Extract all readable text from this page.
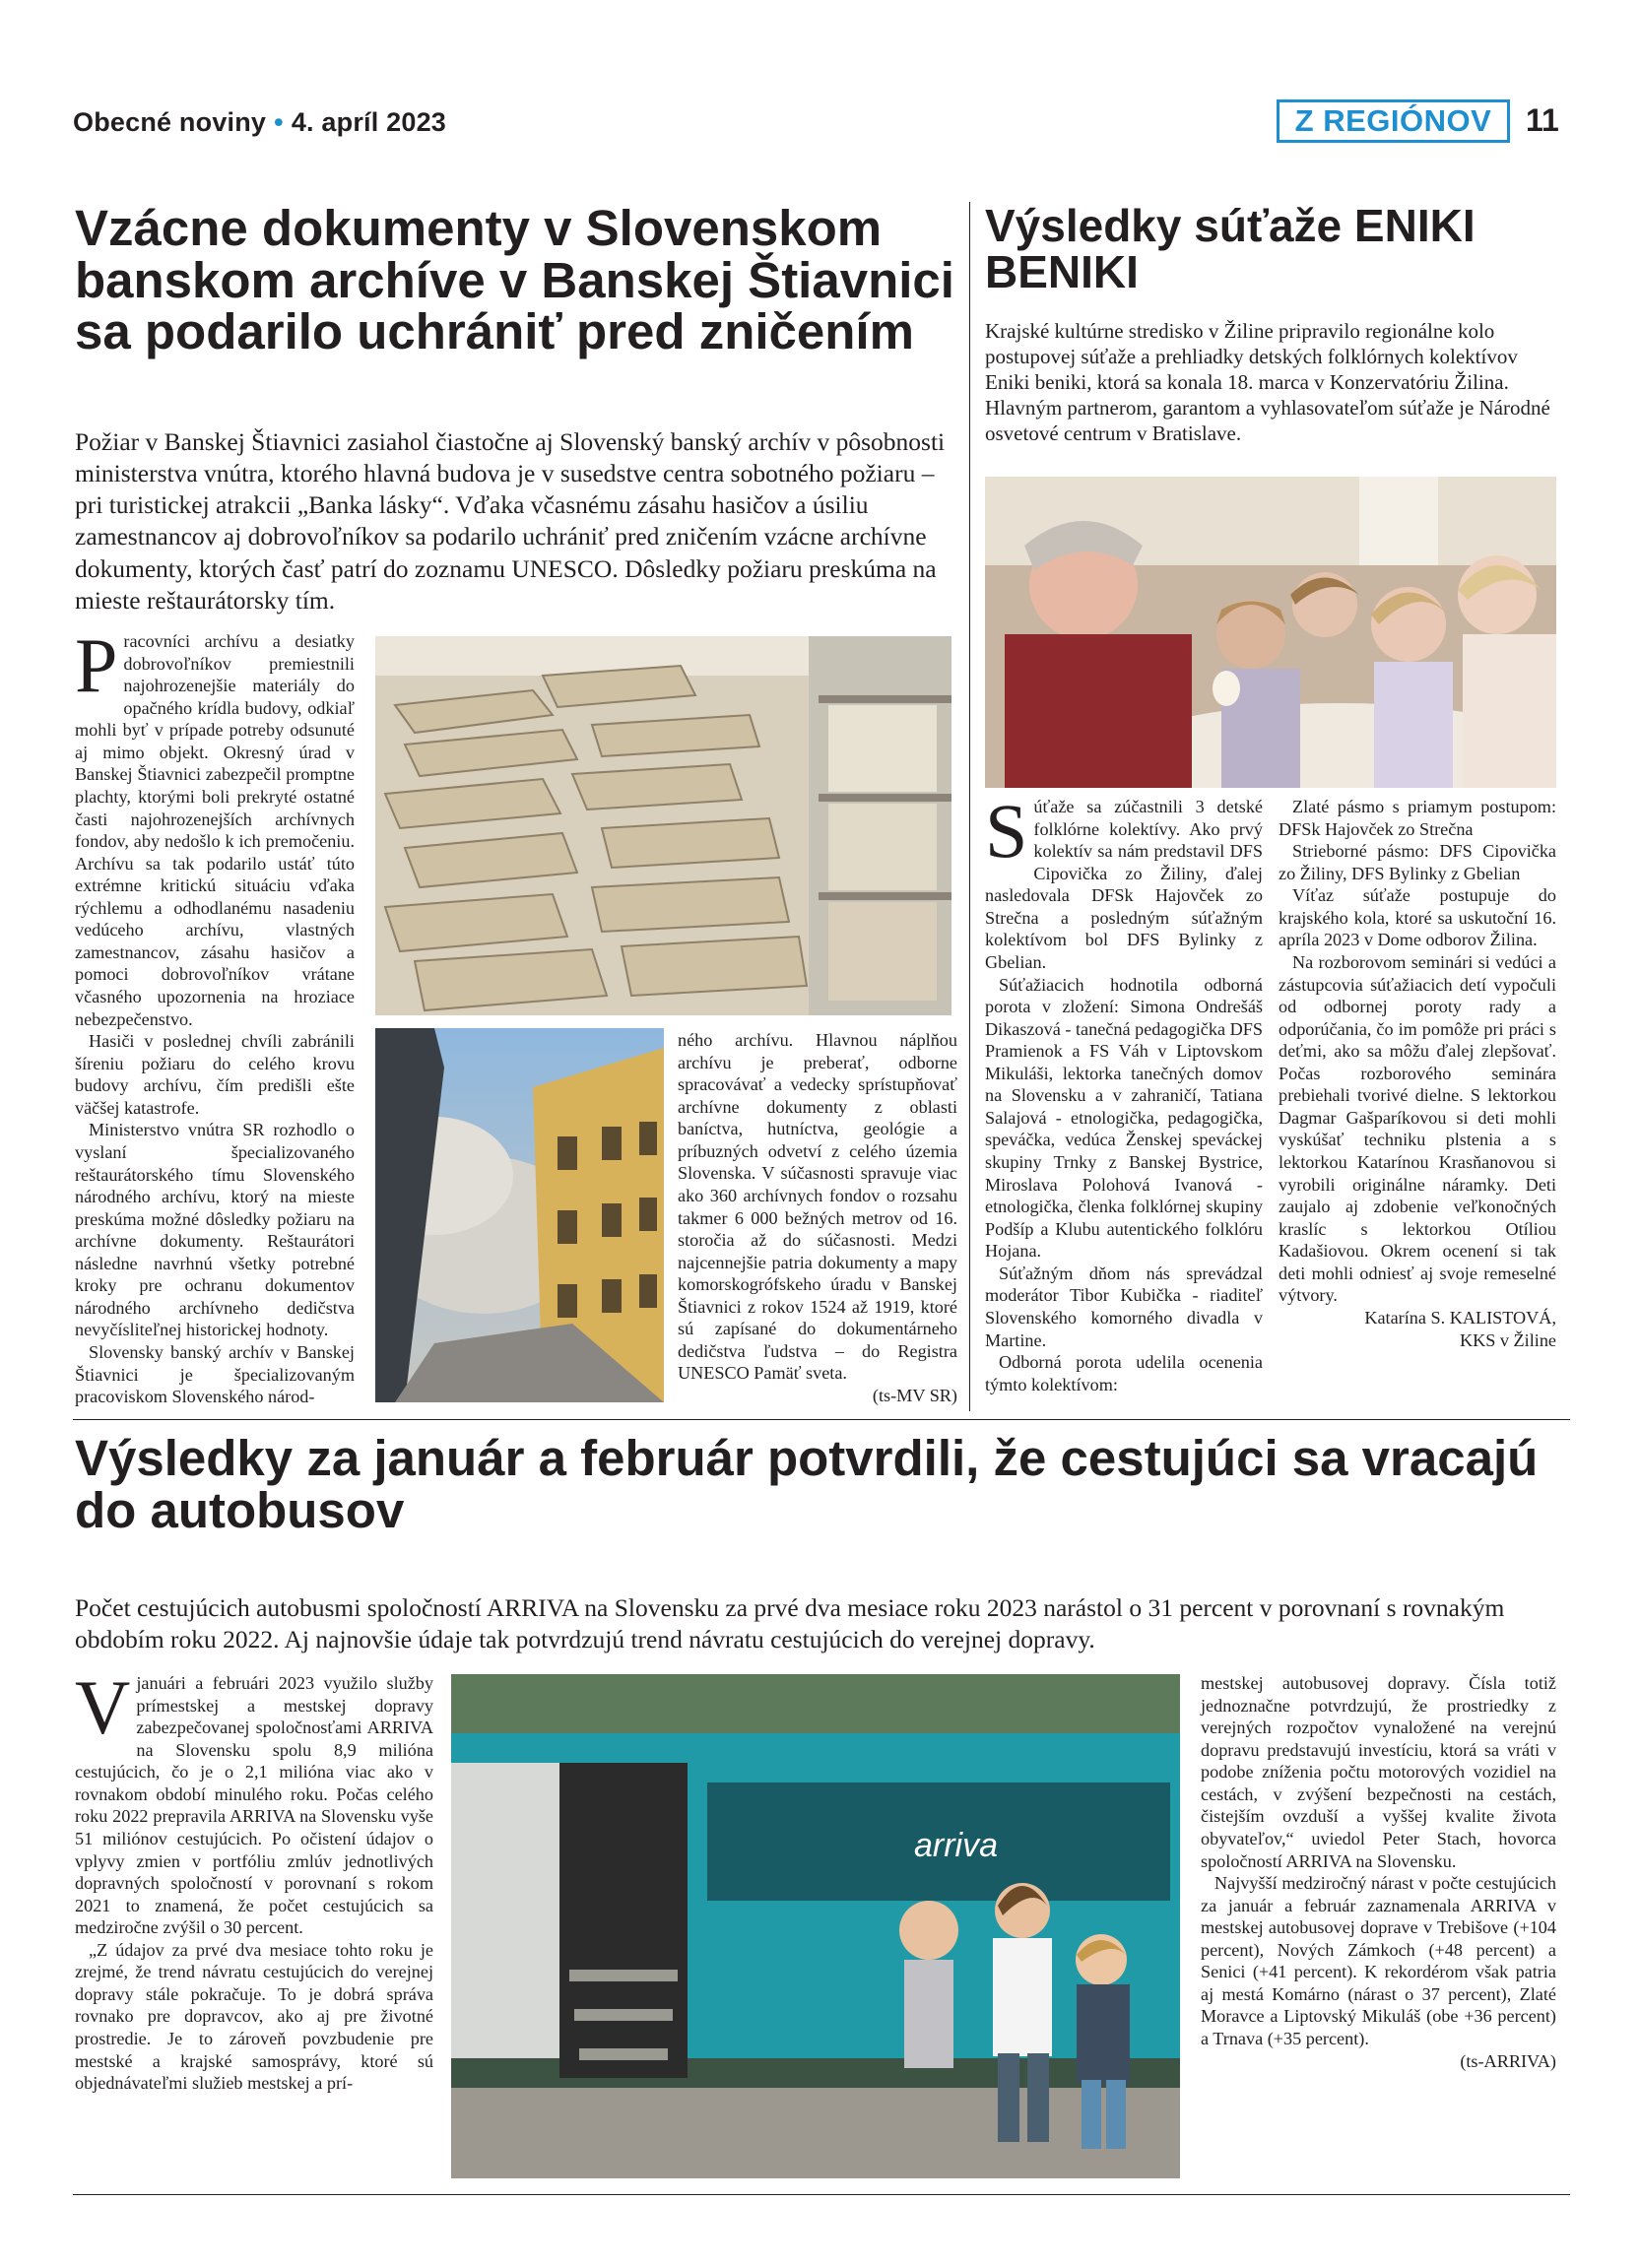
Obecné noviny • 4. apríl 2023	Z REGIÓNOV	11
Vzácne dokumenty v Slovenskom banskom archíve v Banskej Štiavnici sa podarilo uchrániť pred zničením
Požiar v Banskej Štiavnici zasiahol čiastočne aj Slovenský banský archív v pôsobnosti ministerstva vnútra, ktorého hlavná budova je v susedstve centra sobotného požiaru – pri turistickej atrakcii „Banka lásky“. Vďaka včasnému zásahu hasičov a úsiliu zamestnancov aj dobrovoľníkov sa podarilo uchrániť pred zničením vzácne archívne dokumenty, ktorých časť patrí do zoznamu UNESCO. Dôsledky požiaru preskúma na mieste reštaurátorsky tím.
P racovníci archívu a desiatky dobrovoľníkov premiestnili najohrozenejšie materiály do opačného krídla budovy, odkiaľ mohli byť v prípade potreby odsunuté aj mimo objekt. Okresný úrad v Banskej Štiavnici zabezpečil promptne plachty, ktorými boli prekryté ostatné časti najohrozenejších archívnych fondov, aby nedošlo k ich premočeniu. Archívu sa tak podarilo ustáť túto extrémne kritickú situáciu vďaka rýchlemu a odhodlanému nasadeniu vedúceho archívu, vlastných zamestnancov, zásahu hasičov a pomoci dobrovoľníkov vrátane včasného upozornenia na hroziace nebezpečenstvo.

Hasiči v poslednej chvíli zabránili šíreniu požiaru do celého krovu budovy archívu, čím predišli ešte väčšej katastrofe.

Ministerstvo vnútra SR rozhodlo o vyslaní špecializovaného reštaurátorského tímu Slovenského národného archívu, ktorý na mieste preskúma možné dôsledky požiaru na archívne dokumenty. Reštaurátori následne navrhnú všetky potrebné kroky pre ochranu dokumentov národného archívneho dedičstva nevyčísliteľnej historickej hodnoty.

Slovensky banský archív v Banskej Štiavnici je špecializovaným pracoviskom Slovenského národ-

ného archívu. Hlavnou náplňou archívu je preberať, odborne spracovávať a vedecky sprístupňovať archívne dokumenty z oblasti baníctva, hutníctva, geológie a príbuzných odvetví z celého územia Slovenska. V súčasnosti spravuje viac ako 360 archívnych fondov o rozsahu takmer 6 000 bežných metrov od 16. storočia až do súčasnosti. Medzi najcennejšie patria dokumenty a mapy komorskogrófskeho úradu v Banskej Štiavnici z rokov 1524 až 1919, ktoré sú zapísané do dokumentárneho dedičstva ľudstva – do Registra UNESCO Pamäť sveta.

(ts-MV SR)
Výsledky súťaže ENIKI BENIKI
Krajské kultúrne stredisko v Žiline pripravilo regionálne kolo postupovej súťaže a prehliadky detských folklórnych kolektívov Eniki beniki, ktorá sa konala 18. marca v Konzervatóriu Žilina. Hlavným partnerom, garantom a vyhlasovateľom súťaže je Národné osvetové centrum v Bratislave.
S úťaže sa zúčastnili 3 detské folklórne kolektívy. Ako prvý kolektív sa nám predstavil DFS Cipovička zo Žiliny, ďalej nasledovala DFSk Hajovček zo Strečna a posledným súťažným kolektívom bol DFS Bylinky z Gbelian.

Súťažiacich hodnotila odborná porota v zložení: Simona Ondrešáš Dikaszová - tanečná pedagogička DFS Pramienok a FS Váh v Liptovskom Mikuláši, lektorka tanečných domov na Slovensku a v zahraničí, Tatiana Salajová - etnologička, pedagogička, speváčka, vedúca Ženskej speváckej skupiny Trnky z Banskej Bystrice, Miroslava Polohová Ivanová - etnologička, členka folklórnej skupiny Podšíp a Klubu autentického folklóru Hojana.

Súťažným dňom nás sprevádzal moderátor Tibor Kubička - riaditeľ Slovenského komorného divadla v Martine.

Odborná porota udelila ocenenia týmto kolektívom:

Zlaté pásmo s priamym postupom: DFSk Hajovček zo Strečna

Strieborné pásmo: DFS Cipovička zo Žiliny, DFS Bylinky z Gbelian

Víťaz súťaže postupuje do krajského kola, ktoré sa uskutoční 16. apríla 2023 v Dome odborov Žilina.

Na rozborovom seminári si vedúci a zástupcovia súťažiacich detí vypočuli od odbornej poroty rady a odporúčania, čo im pomôže pri práci s deťmi, ako sa môžu ďalej zlepšovať. Počas rozborového seminára prebiehali tvorivé dielne. S lektorkou Dagmar Gašparíkovou si deti mohli vyskúšať techniku plstenia a s lektorkou Katarínou Krasňanovou si vyrobili originálne náramky. Deti zaujalo aj zdobenie veľkonočných kraslíc s lektorkou Otíliou Kadašiovou. Okrem ocenení si tak deti mohli odniesť aj svoje remeselné výtvory.

Katarína S. KALISTOVÁ,
KKS v Žiline
Výsledky za január a február potvrdili, že cestujúci sa vracajú do autobusov
Počet cestujúcich autobusmi spoločností ARRIVA na Slovensku za prvé dva mesiace roku 2023 narástol o 31 percent v porovnaní s rovnakým obdobím roku 2022. Aj najnovšie údaje tak potvrdzujú trend návratu cestujúcich do verejnej dopravy.
V januári a februári 2023 využilo služby prímestskej a mestskej dopravy zabezpečovanej spoločnosťami ARRIVA na Slovensku spolu 8,9 milióna cestujúcich, čo je o 2,1 milióna viac ako v rovnakom období minulého roku. Počas celého roku 2022 prepravila ARRIVA na Slovensku vyše 51 miliónov cestujúcich. Po očistení údajov o vplyvy zmien v portfóliu zmlúv jednotlivých dopravných spoločností v porovnaní s rokom 2021 to znamená, že počet cestujúcich sa medziročne zvýšil o 30 percent.

„Z údajov za prvé dva mesiace tohto roku je zrejmé, že trend návratu cestujúcich do verejnej dopravy stále pokračuje. To je dobrá správa rovnako pre dopravcov, ako aj pre životné prostredie. Je to zároveň povzbudenie pre mestské a krajské samosprávy, ktoré sú objednávateľmi služieb mestskej a prí-

arriva

mestskej autobusovej dopravy. Čísla totiž jednoznačne potvrdzujú, že prostriedky z verejných rozpočtov vynaložené na verejnú dopravu predstavujú investíciu, ktorá sa vráti v podobe zníženia počtu motorových vozidiel na cestách, v zvýšení bezpečnosti na cestách, čistejším ovzduší a vyššej kvalite života obyvateľov,“ uviedol Peter Stach, hovorca spoločností ARRIVA na Slovensku.

Najvyšší medziročný nárast v počte cestujúcich za január a február zaznamenala ARRIVA v mestskej autobusovej doprave v Trebišove (+104 percent), Nových Zámkoch (+48 percent) a Senici (+41 percent). K rekordérom však patria aj mestá Komárno (nárast o 37 percent), Zlaté Moravce a Liptovský Mikuláš (obe +36 percent) a Trnava (+35 percent).

(ts-ARRIVA)
